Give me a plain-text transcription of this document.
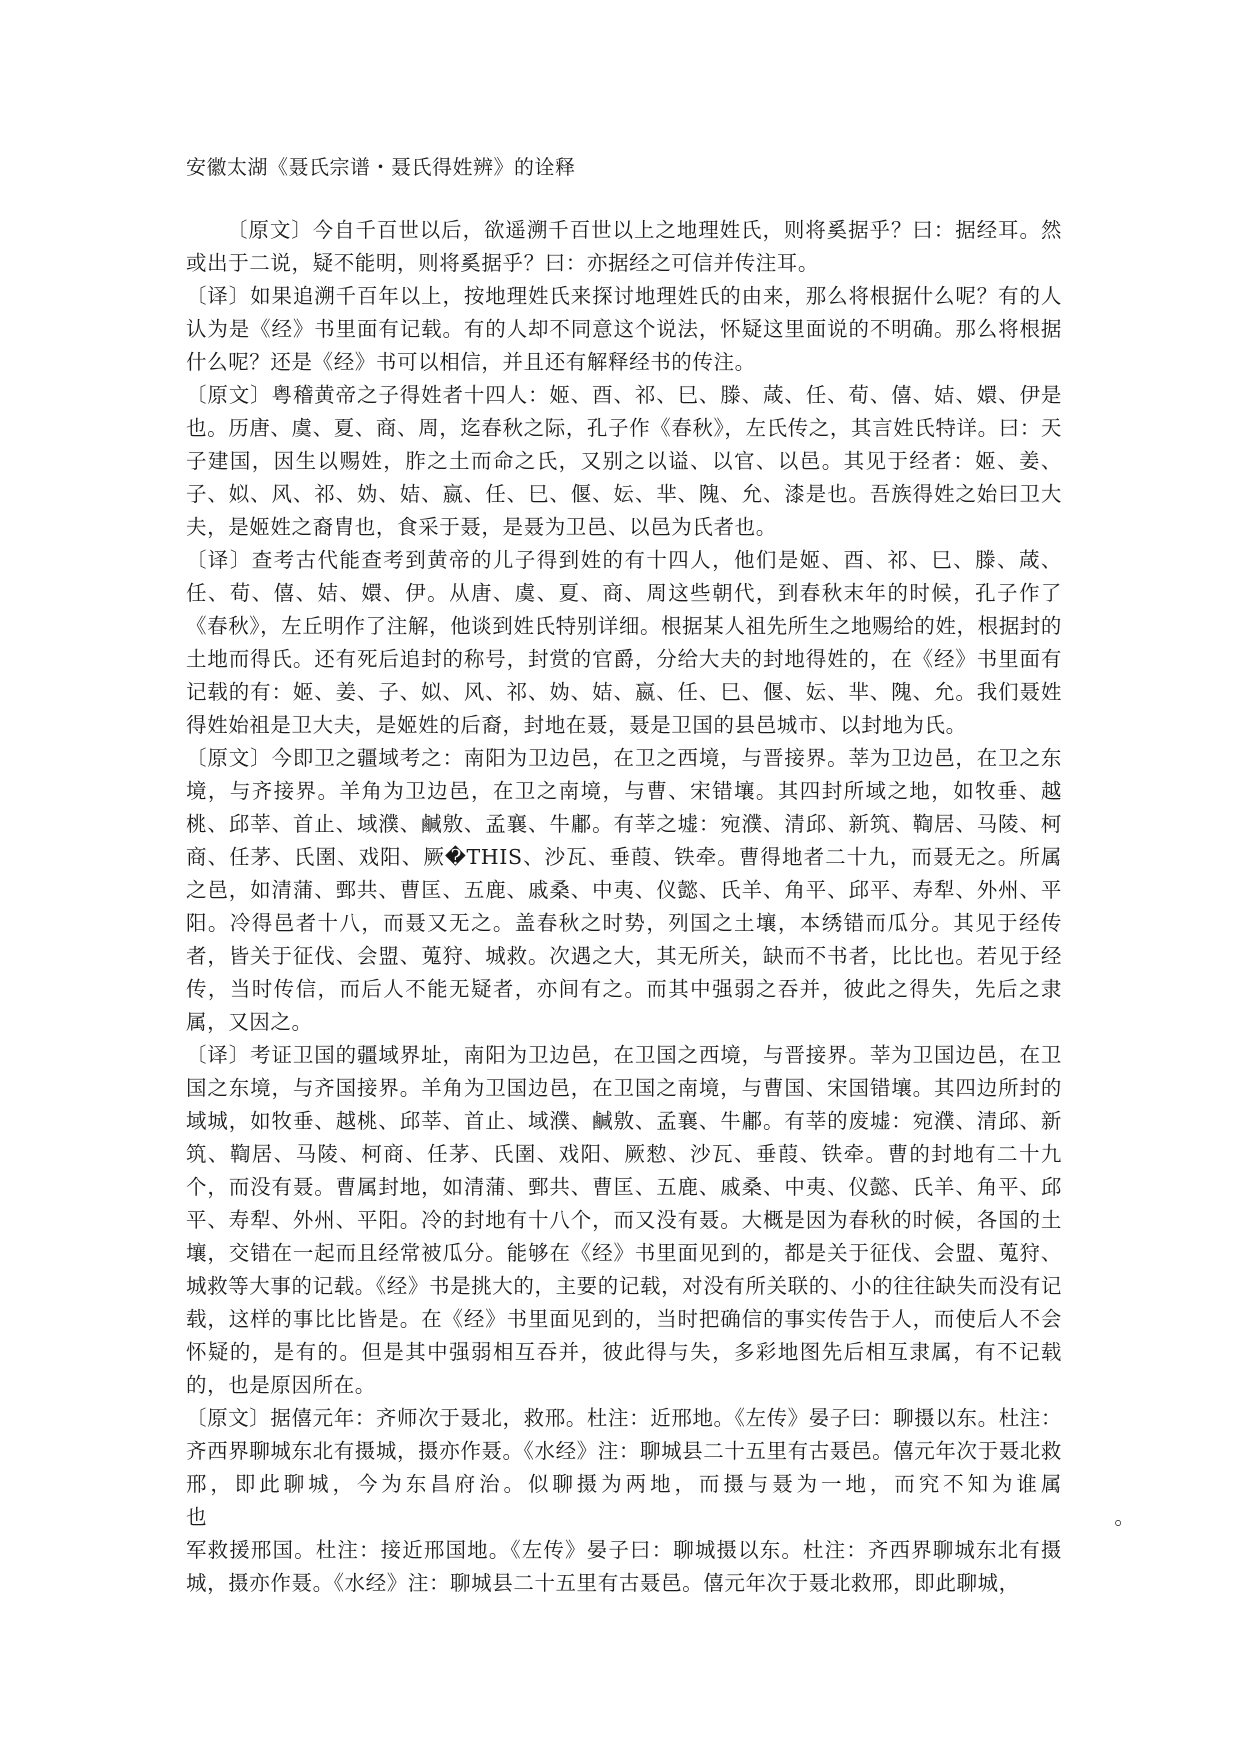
安徽太湖《聂氏宗谱・聂氏得姓辨》的诠释

〔原文〕今自千百世以后，欲遥溯千百世以上之地理姓氏，则将奚据乎？曰：据经耳。然或出于二说，疑不能明，则将奚据乎？曰：亦据经之可信并传注耳。

〔译〕如果追溯千百年以上，按地理姓氏来探讨地理姓氏的由来，那么将根据什么呢？有的人认为是《经》书里面有记载。有的人却不同意这个说法，怀疑这里面说的不明确。那么将根据什么呢？还是《经》书可以相信，并且还有解释经书的传注。

〔原文〕粤稽黄帝之子得姓者十四人：姬、酉、祁、巳、滕、葴、任、荀、僖、姞、嬛、伊是也。历唐、虞、夏、商、周，迄春秋之际，孔子作《春秋》，左氏传之，其言姓氏特详。曰：天子建国，因生以赐姓，胙之土而命之氏，又别之以谥、以官、以邑。其见于经者：姬、姜、子、姒、风、祁、妫、姞、嬴、任、巳、偃、妘、芈、隗、允、漆是也。吾族得姓之始曰卫大夫，是姬姓之裔胄也，食采于聂，是聂为卫邑、以邑为氏者也。

〔译〕查考古代能查考到黄帝的儿子得到姓的有十四人，他们是姬、酉、祁、巳、滕、葴、任、荀、僖、姞、嬛、伊。从唐、虞、夏、商、周这些朝代，到春秋末年的时候，孔子作了《春秋》，左丘明作了注解，他谈到姓氏特别详细。根据某人祖先所生之地赐给的姓，根据封的土地而得氏。还有死后追封的称号，封赏的官爵，分给大夫的封地得姓的，在《经》书里面有记载的有：姬、姜、子、姒、风、祁、妫、姞、嬴、任、巳、偃、妘、芈、隗、允。我们聂姓得姓始祖是卫大夫，是姬姓的后裔，封地在聂，聂是卫国的县邑城市、以封地为氏。

〔原文〕今即卫之疆域考之：南阳为卫边邑，在卫之西境，与晋接界。莘为卫边邑，在卫之东境，与齐接界。羊角为卫边邑，在卫之南境，与曹、宋错壤。其四封所域之地，如牧垂、越桃、邱莘、首止、域濮、鹹敫、孟襄、牛鄘。有莘之墟：宛濮、清邱、新筑、鞫居、马陵、柯商、任茅、氏圉、戏阳、厥�THIS、沙瓦、垂葭、铁牵。曹得地者二十九，而聂无之。所属之邑，如清蒲、鄄共、曹匡、五鹿、戚桑、中夷、仪懿、氏羊、角平、邱平、寿犁、外州、平阳。冷得邑者十八，而聂又无之。盖春秋之时势，列国之土壤，本绣错而瓜分。其见于经传者，皆关于征伐、会盟、蒐狩、城救。次遇之大，其无所关，缺而不书者，比比也。若见于经传，当时传信，而后人不能无疑者，亦间有之。而其中强弱之吞并，彼此之得失，先后之隶属，又因之。

〔译〕考证卫国的疆域界址，南阳为卫边邑，在卫国之西境，与晋接界。莘为卫国边邑，在卫国之东境，与齐国接界。羊角为卫国边邑，在卫国之南境，与曹国、宋国错壤。其四边所封的域城，如牧垂、越桃、邱莘、首止、域濮、鹹敫、孟襄、牛鄘。有莘的废墟：宛濮、清邱、新筑、鞫居、马陵、柯商、任茅、氏圉、戏阳、厥愸、沙瓦、垂葭、铁牵。曹的封地有二十九个，而没有聂。曹属封地，如清蒲、鄄共、曹匡、五鹿、戚桑、中夷、仪懿、氏羊、角平、邱平、寿犁、外州、平阳。冷的封地有十八个，而又没有聂。大概是因为春秋的时候，各国的土壤，交错在一起而且经常被瓜分。能够在《经》书里面见到的，都是关于征伐、会盟、蒐狩、城救等大事的记载。《经》书是挑大的，主要的记载，对没有所关联的、小的往往缺失而没有记载，这样的事比比皆是。在《经》书里面见到的，当时把确信的事实传告于人，而使后人不会怀疑的，是有的。但是其中强弱相互吞并，彼此得与失，多彩地图先后相互隶属，有不记载的，也是原因所在。

〔原文〕据僖元年：齐师次于聂北，救邢。杜注：近邢地。《左传》晏子曰：聊摄以东。杜注：齐西界聊城东北有摄城，摄亦作聂。《水经》注：聊城县二十五里有古聂邑。僖元年次于聂北救邢，即此聊城，今为东昌府治。似聊摄为两地，而摄与聂为一地，而究不知为谁属也　　　　　　　　　　　　　　　　　　　　　　　　　　　　　　　　　　　　　　　　　　　。

军救援邢国。杜注：接近邢国地。《左传》晏子曰：聊城摄以东。杜注：齐西界聊城东北有摄城，摄亦作聂。《水经》注：聊城县二十五里有古聂邑。僖元年次于聂北救邢，即此聊城，
